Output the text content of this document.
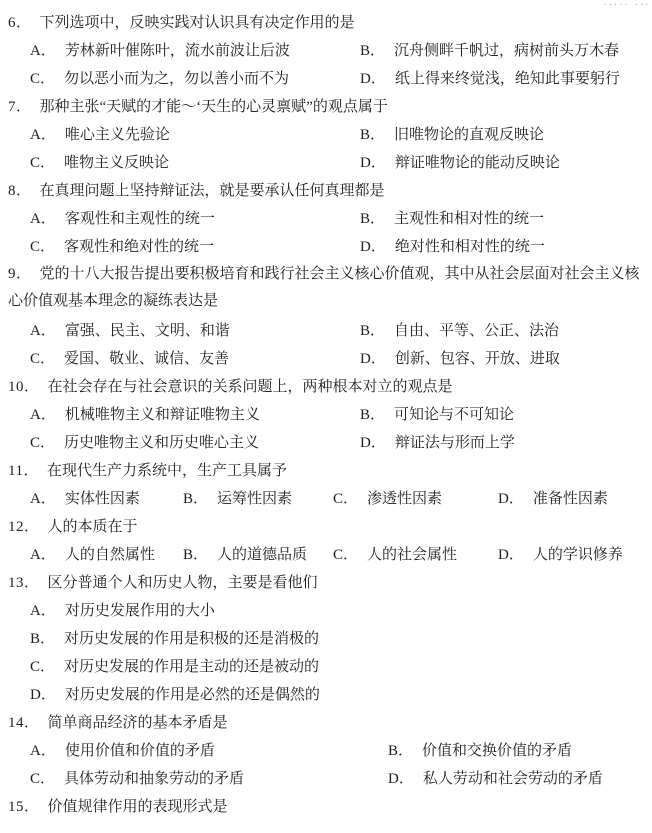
····· ···
6． 下列选项中，反映实践对认识具有决定作用的是
A． 芳林新叶催陈叶，流水前波让后波	B． 沉舟侧畔千帆过，病树前头万木春
C． 勿以恶小而为之，勿以善小而不为	D． 纸上得来终觉浅，绝知此事要躬行
7． 那种主张“天赋的才能～‘天生的心灵禀赋”的观点属于
A． 唯心主义先验论	B． 旧唯物论的直观反映论
C． 唯物主义反映论	D． 辩证唯物论的能动反映论
8． 在真理问题上坚持辩证法，就是要承认任何真理都是
A． 客观性和主观性的统一	B． 主观性和相对性的统一
C． 客观性和绝对性的统一	D． 绝对性和相对性的统一
9． 党的十八大报告提出要积极培育和践行社会主义核心价值观，其中从社会层面对社会主义核心价值观基本理念的凝练表达是
A． 富强、民主、文明、和谐	B． 自由、平等、公正、法治
C． 爱国、敬业、诚信、友善	D． 创新、包容、开放、进取
10． 在社会存在与社会意识的关系问题上，两种根本对立的观点是
A． 机械唯物主义和辩证唯物主义	B． 可知论与不可知论
C． 历史唯物主义和历史唯心主义	D． 辩证法与形而上学
11． 在现代生产力系统中，生产工具属予
A． 实体性因素	B． 运筹性因素	C． 渗透性因素	D． 准备性因素
12． 人的本质在于
A． 人的自然属性	B． 人的道德品质	C． 人的社会属性	D． 人的学识修养
13． 区分普通个人和历史人物，主要是看他们
A． 对历史发展作用的大小
B． 对历史发展的作用是积极的还是消极的
C． 对历史发展的作用是主动的还是被动的
D． 对历史发展的作用是必然的还是偶然的
14． 简单商品经济的基本矛盾是
A． 使用价值和价值的矛盾	B． 价值和交换价值的矛盾
C． 具体劳动和抽象劳动的矛盾	D． 私人劳动和社会劳动的矛盾
15． 价值规律作用的表现形式是
